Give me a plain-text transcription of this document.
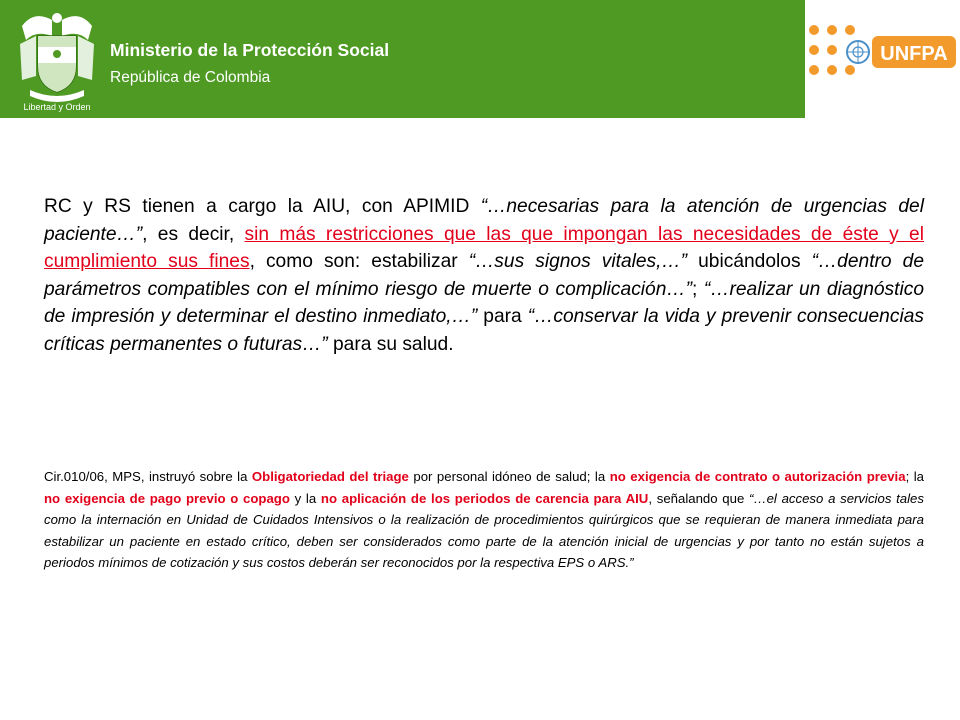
Libertad y Orden
Ministerio de la Protección Social
República de Colombia
UNFPA
RC y RS tienen a cargo la AIU, con APIMID “…necesarias para la atención de urgencias del paciente…”, es decir, sin más restricciones que las que impongan las necesidades de éste y el cumplimiento sus fines, como son: estabilizar “…sus signos vitales,…” ubicándolos “…dentro de parámetros compatibles con el mínimo riesgo de muerte o complicación…”; “…realizar un diagnóstico de impresión y determinar el destino inmediato,…” para “…conservar la vida y prevenir consecuencias críticas permanentes o futuras…” para su salud.
Cir.010/06, MPS, instruyó sobre la Obligatoriedad del triage por personal idóneo de salud; la no exigencia de contrato o autorización previa; la no exigencia de pago previo o copago y la no aplicación de los periodos de carencia para AIU, señalando que “…el acceso a servicios tales como la internación en Unidad de Cuidados Intensivos o la realización de procedimientos quirúrgicos que se requieran de manera inmediata para estabilizar un paciente en estado crítico, deben ser considerados como parte de la atención inicial de urgencias y por tanto no están sujetos a periodos mínimos de cotización y sus costos deberán ser reconocidos por la respectiva EPS o ARS.”
